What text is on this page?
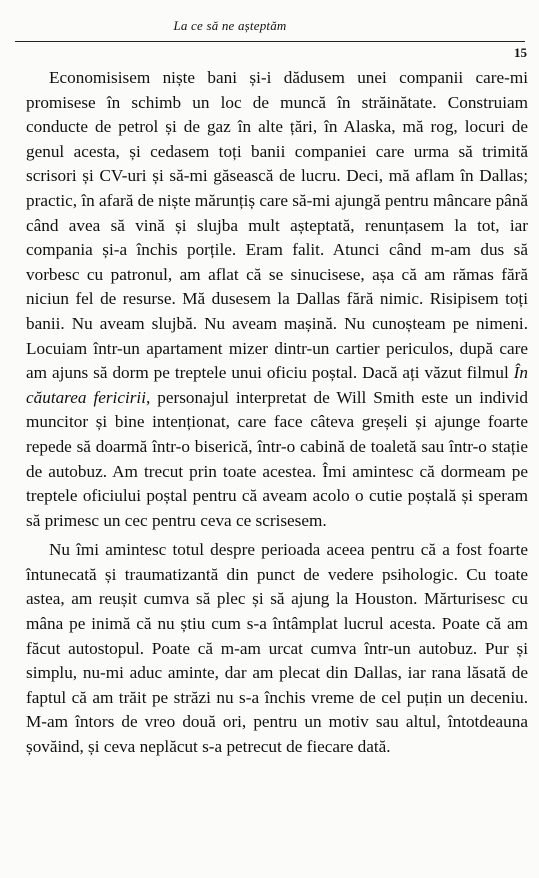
La ce să ne așteptăm
15

Economisisem niște bani și-i dădusem unei companii care-mi promisese în schimb un loc de muncă în străinătate. Construiam conducte de petrol și de gaz în alte țări, în Alaska, mă rog, locuri de genul acesta, și cedasem toți banii companiei care urma să trimită scrisori și CV-uri și să-mi găsească de lucru. Deci, mă aflam în Dallas; practic, în afară de niște mărunțiș care să-mi ajungă pentru mâncare până când avea să vină și slujba mult așteptată, renunțasem la tot, iar compania și-a închis porțile. Eram falit. Atunci când m-am dus să vorbesc cu patronul, am aflat că se sinucisese, așa că am rămas fără niciun fel de resurse. Mă dusesem la Dallas fără nimic. Risipisem toți banii. Nu aveam slujbă. Nu aveam mașină. Nu cunoșteam pe nimeni. Locuiam într-un apartament mizer dintr-un cartier periculos, după care am ajuns să dorm pe treptele unui oficiu poștal. Dacă ați văzut filmul În căutarea fericirii, personajul interpretat de Will Smith este un individ muncitor și bine intenționat, care face câteva greșeli și ajunge foarte repede să doarmă într-o biserică, într-o cabină de toaletă sau într-o stație de autobuz. Am trecut prin toate acestea. Îmi amintesc că dormeam pe treptele oficiului poștal pentru că aveam acolo o cutie poștală și speram să primesc un cec pentru ceva ce scrisesem.

Nu îmi amintesc totul despre perioada aceea pentru că a fost foarte întunecată și traumatizantă din punct de vedere psihologic. Cu toate astea, am reușit cumva să plec și să ajung la Houston. Mărturisesc cu mâna pe inimă că nu știu cum s-a întâmplat lucrul acesta. Poate că am făcut autostopul. Poate că m-am urcat cumva într-un autobuz. Pur și simplu, nu-mi aduc aminte, dar am plecat din Dallas, iar rana lăsată de faptul că am trăit pe străzi nu s-a închis vreme de cel puțin un deceniu. M-am întors de vreo două ori, pentru un motiv sau altul, întotdeauna șovăind, și ceva neplăcut s-a petrecut de fiecare dată.
